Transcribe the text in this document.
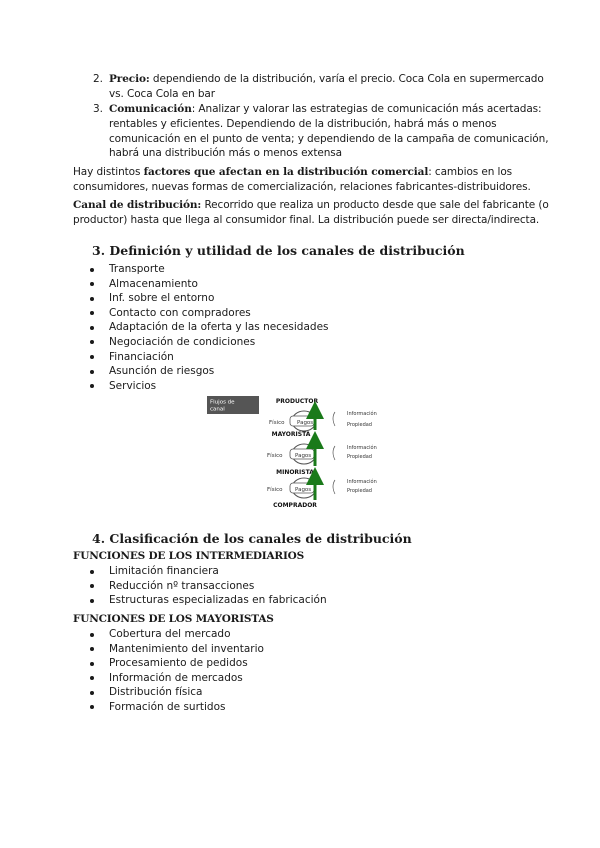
2. Precio: dependiendo de la distribución, varía el precio. Coca Cola en supermercado
vs. Coca Cola en bar
3. Comunicación: Analizar y valorar las estrategias de comunicación más acertadas:
rentables y eficientes. Dependiendo de la distribución, habrá más o menos
comunicación en el punto de venta; y dependiendo de la campaña de comunicación,
habrá una distribución más o menos extensa
Hay distintos factores que afectan en la distribución comercial: cambios en los
consumidores, nuevas formas de comercialización, relaciones fabricantes-distribuidores.
Canal de distribución: Recorrido que realiza un producto desde que sale del fabricante (o
productor) hasta que llega al consumidor final. La distribución puede ser directa/indirecta.
3. Definición y utilidad de los canales de distribución
Transporte
Almacenamiento
Inf. sobre el entorno
Contacto con compradores
Adaptación de la oferta y las necesidades
Negociación de condiciones
Financiación
Asunción de riesgos
Servicios
Flujos de
canal
PRODUCTOR
MAYORISTA
MINORISTA
COMPRADOR
Pagos
Físico
Información
Propiedad
Pagos
Físico
Información
Propiedad
Pagos
Físico
Información
Propiedad
4. Clasificación de los canales de distribución
FUNCIONES DE LOS INTERMEDIARIOS
Limitación financiera
Reducción nº transacciones
Estructuras especializadas en fabricación
FUNCIONES DE LOS MAYORISTAS
Cobertura del mercado
Mantenimiento del inventario
Procesamiento de pedidos
Información de mercados
Distribución física
Formación de surtidos
